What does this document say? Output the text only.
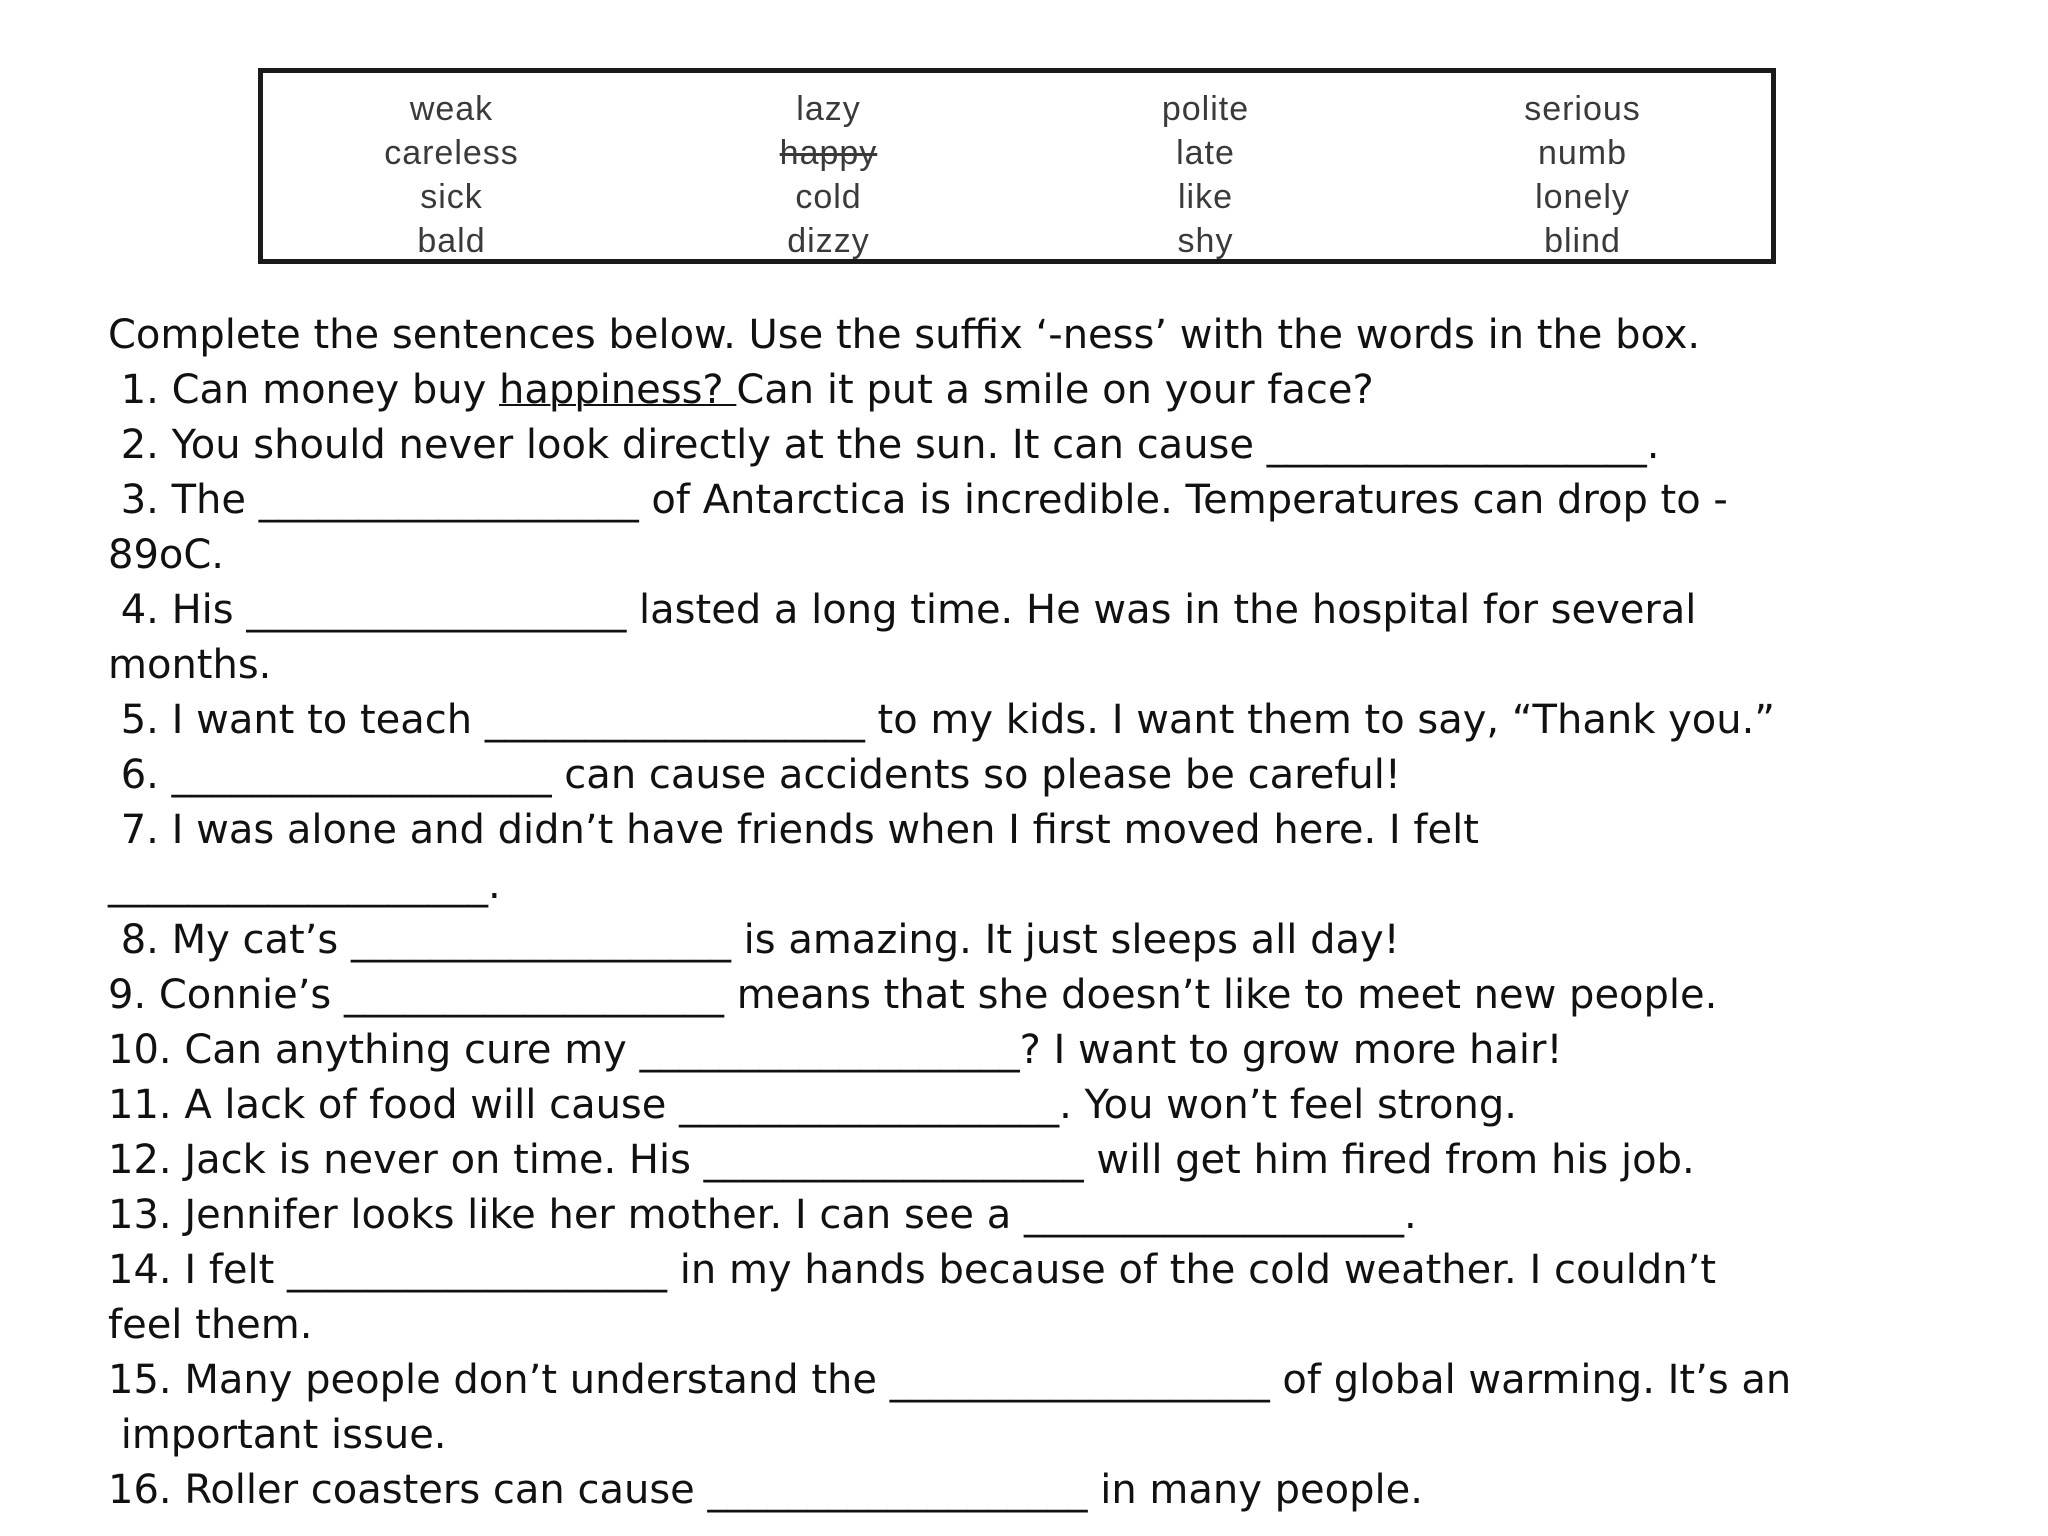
weak	lazy	polite	serious
careless	happy	late	numb
sick	cold	like	lonely
bald	dizzy	shy	blind
Complete the sentences below. Use the suffix ‘-ness’ with the words in the box.
1. Can money buy happiness? Can it put a smile on your face?
2. You should never look directly at the sun. It can cause ___________________.
3. The ___________________ of Antarctica is incredible. Temperatures can drop to -
89oC.
4. His ___________________ lasted a long time. He was in the hospital for several
months.
5. I want to teach ___________________ to my kids. I want them to say, “Thank you.”
6. ___________________ can cause accidents so please be careful!
7. I was alone and didn’t have friends when I first moved here. I felt
___________________.
8. My cat’s ___________________ is amazing. It just sleeps all day!
9. Connie’s ___________________ means that she doesn’t like to meet new people.
10. Can anything cure my ___________________? I want to grow more hair!
11. A lack of food will cause ___________________. You won’t feel strong.
12. Jack is never on time. His ___________________ will get him fired from his job.
13. Jennifer looks like her mother. I can see a ___________________.
14. I felt ___________________ in my hands because of the cold weather. I couldn’t
feel them.
15. Many people don’t understand the ___________________ of global warming. It’s an
important issue.
16. Roller coasters can cause ___________________ in many people.
